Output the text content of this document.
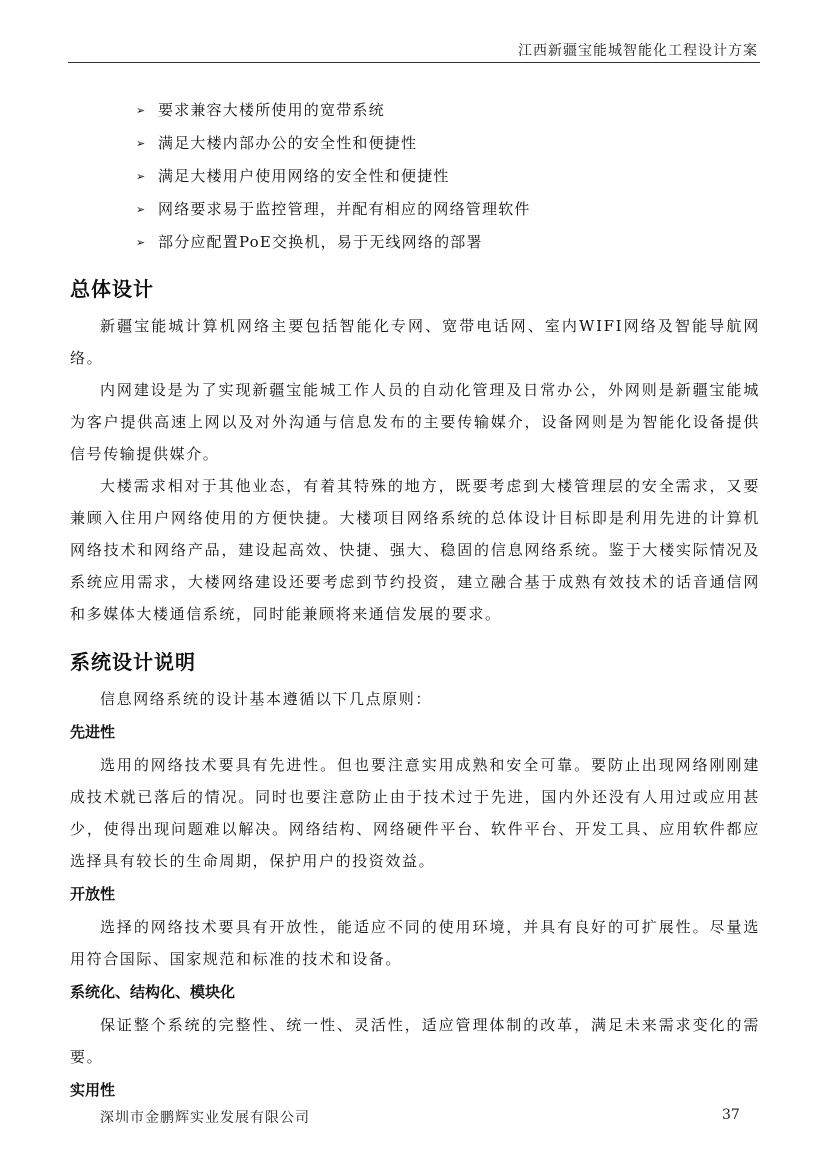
江西新疆宝能城智能化工程设计方案
➢ 要求兼容大楼所使用的宽带系统
➢ 满足大楼内部办公的安全性和便捷性
➢ 满足大楼用户使用网络的安全性和便捷性
➢ 网络要求易于监控管理，并配有相应的网络管理软件
➢ 部分应配置PoE交换机，易于无线网络的部署
总体设计

新疆宝能城计算机网络主要包括智能化专网、宽带电话网、室内WIFI网络及智能导航网络。

内网建设是为了实现新疆宝能城工作人员的自动化管理及日常办公，外网则是新疆宝能城为客户提供高速上网以及对外沟通与信息发布的主要传输媒介，设备网则是为智能化设备提供信号传输提供媒介。

大楼需求相对于其他业态，有着其特殊的地方，既要考虑到大楼管理层的安全需求，又要兼顾入住用户网络使用的方便快捷。大楼项目网络系统的总体设计目标即是利用先进的计算机网络技术和网络产品，建设起高效、快捷、强大、稳固的信息网络系统。鉴于大楼实际情况及系统应用需求，大楼网络建设还要考虑到节约投资，建立融合基于成熟有效技术的话音通信网和多媒体大楼通信系统，同时能兼顾将来通信发展的要求。

系统设计说明

信息网络系统的设计基本遵循以下几点原则：

先进性

选用的网络技术要具有先进性。但也要注意实用成熟和安全可靠。要防止出现网络刚刚建成技术就已落后的情况。同时也要注意防止由于技术过于先进，国内外还没有人用过或应用甚少，使得出现问题难以解决。网络结构、网络硬件平台、软件平台、开发工具、应用软件都应选择具有较长的生命周期，保护用户的投资效益。

开放性

选择的网络技术要具有开放性，能适应不同的使用环境，并具有良好的可扩展性。尽量选用符合国际、国家规范和标准的技术和设备。

系统化、结构化、模块化

保证整个系统的完整性、统一性、灵活性，适应管理体制的改革，满足未来需求变化的需要。

实用性
深圳市金鹏辉实业发展有限公司	37
